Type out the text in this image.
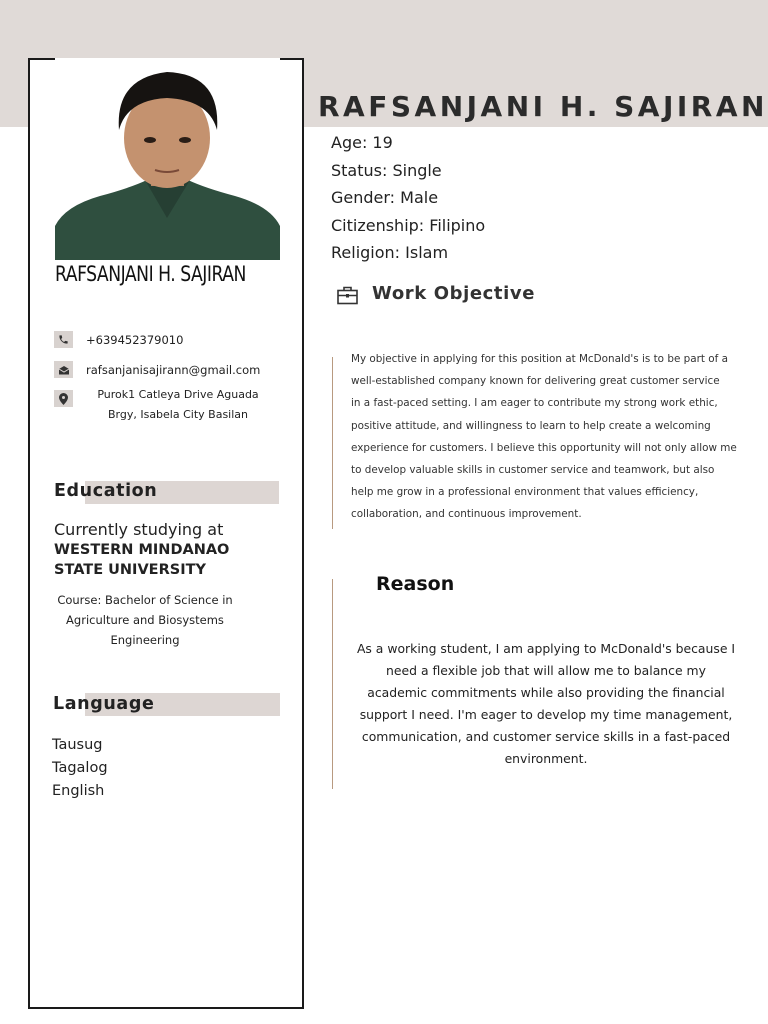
RAFSANJANI H. SAJIRAN
+639452379010
rafsanjanisajirann@gmail.com
Purok1 Catleya Drive Aguada
Brgy, Isabela City Basilan
Education
Currently studying at
WESTERN MINDANAO
STATE UNIVERSITY
Course: Bachelor of Science in
Agriculture and Biosystems
Engineering
Language
Tausug
Tagalog
English
RAFSANJANI H. SAJIRAN
Age: 19
Status: Single
Gender: Male
Citizenship: Filipino
Religion: Islam
Work Objective
My objective in applying for this position at McDonald's is to be part of a
well-established company known for delivering great customer service
in a fast-paced setting. I am eager to contribute my strong work ethic,
positive attitude, and willingness to learn to help create a welcoming
experience for customers. I believe this opportunity will not only allow me
to develop valuable skills in customer service and teamwork, but also
help me grow in a professional environment that values efficiency,
collaboration, and continuous improvement.
Reason
As a working student, I am applying to McDonald's because I
need a flexible job that will allow me to balance my
academic commitments while also providing the financial
support I need. I'm eager to develop my time management,
communication, and customer service skills in a fast-paced
environment.
